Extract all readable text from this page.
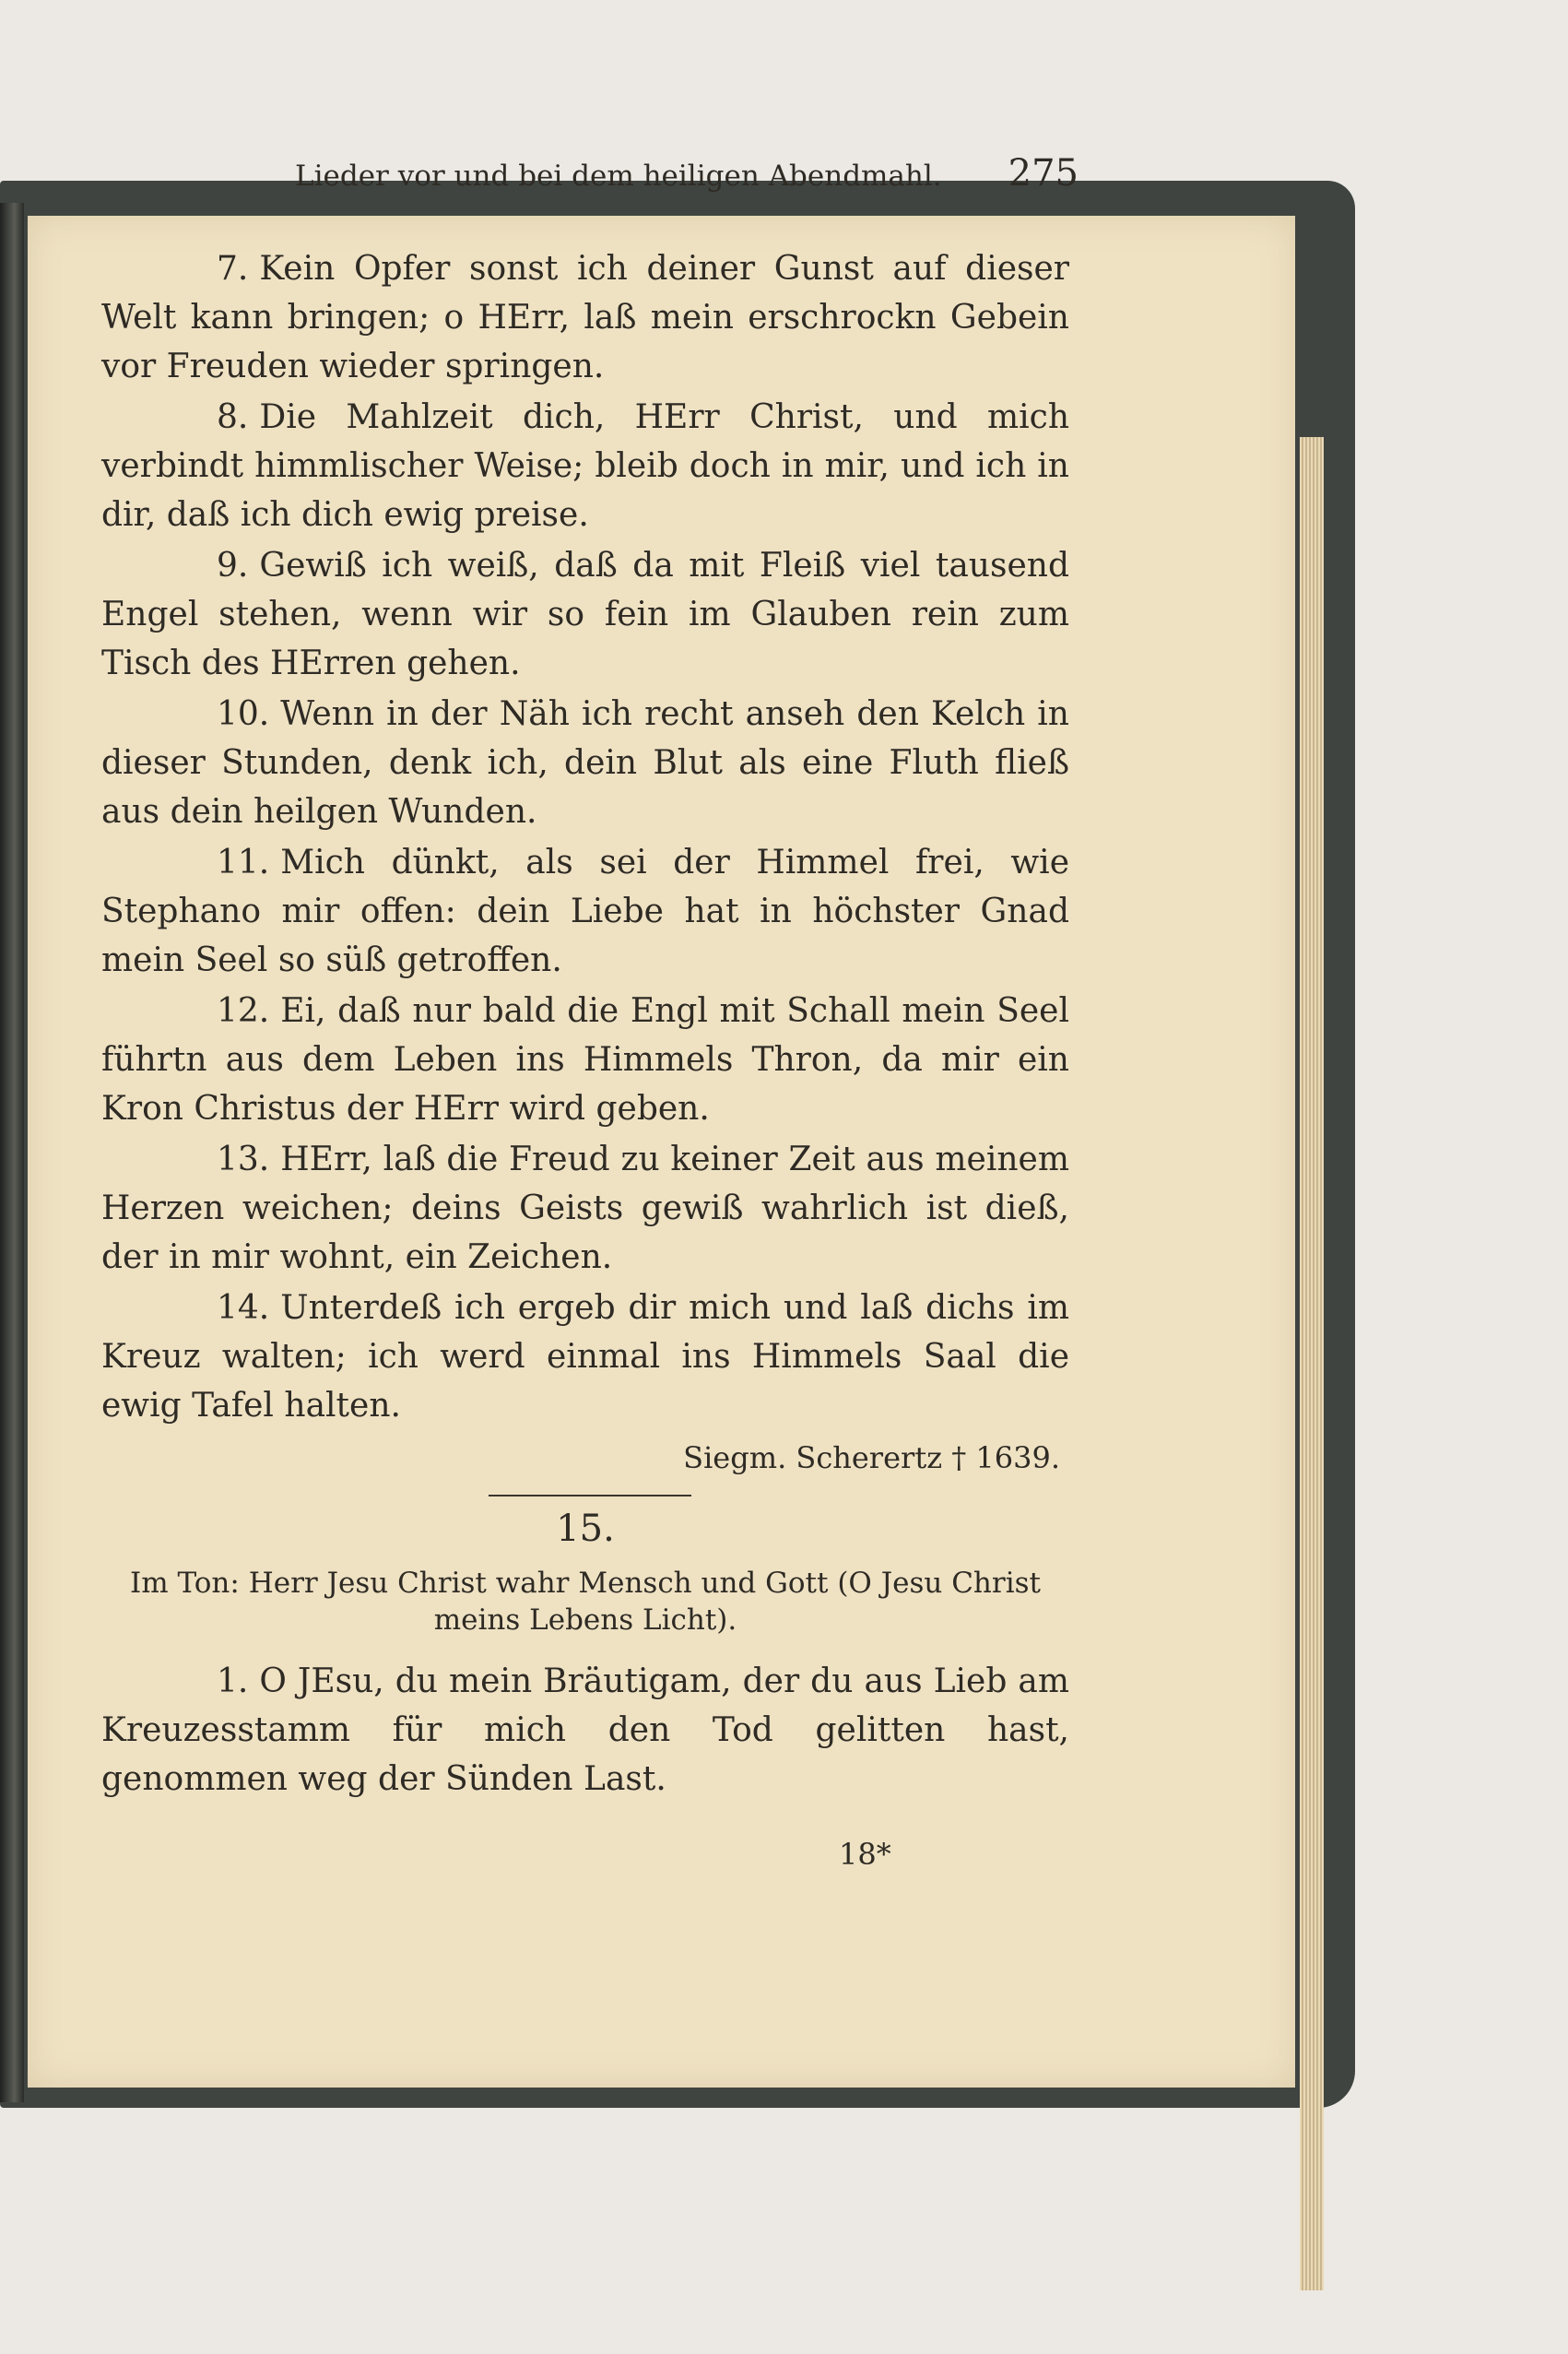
Lieder vor und bei dem heiligen Abendmahl. 275

7. Kein Opfer sonst ich deiner Gunst auf dieser Welt kann bringen; o HErr, laß mein erschrockn Gebein vor Freuden wieder springen.

8. Die Mahlzeit dich, HErr Christ, und mich verbindt himmlischer Weise; bleib doch in mir, und ich in dir, daß ich dich ewig preise.

9. Gewiß ich weiß, daß da mit Fleiß viel tausend Engel stehen, wenn wir so fein im Glauben rein zum Tisch des HErren gehen.

10. Wenn in der Näh ich recht anseh den Kelch in dieser Stunden, denk ich, dein Blut als eine Fluth fließ aus dein heilgen Wunden.

11. Mich dünkt, als sei der Himmel frei, wie Stephano mir offen: dein Liebe hat in höchster Gnad mein Seel so süß getroffen.

12. Ei, daß nur bald die Engl mit Schall mein Seel führtn aus dem Leben ins Himmels Thron, da mir ein Kron Christus der HErr wird geben.

13. HErr, laß die Freud zu keiner Zeit aus meinem Herzen weichen; deins Geists gewiß wahrlich ist dieß, der in mir wohnt, ein Zeichen.

14. Unterdeß ich ergeb dir mich und laß dichs im Kreuz walten; ich werd einmal ins Himmels Saal die ewig Tafel halten.

Siegm. Scherertz † 1639.
15.
Im Ton: Herr Jesu Christ wahr Mensch und Gott (O Jesu Christ meins Lebens Licht).

1. O JEsu, du mein Bräutigam, der du aus Lieb am Kreuzesstamm für mich den Tod gelitten hast, genommen weg der Sünden Last.

18*
